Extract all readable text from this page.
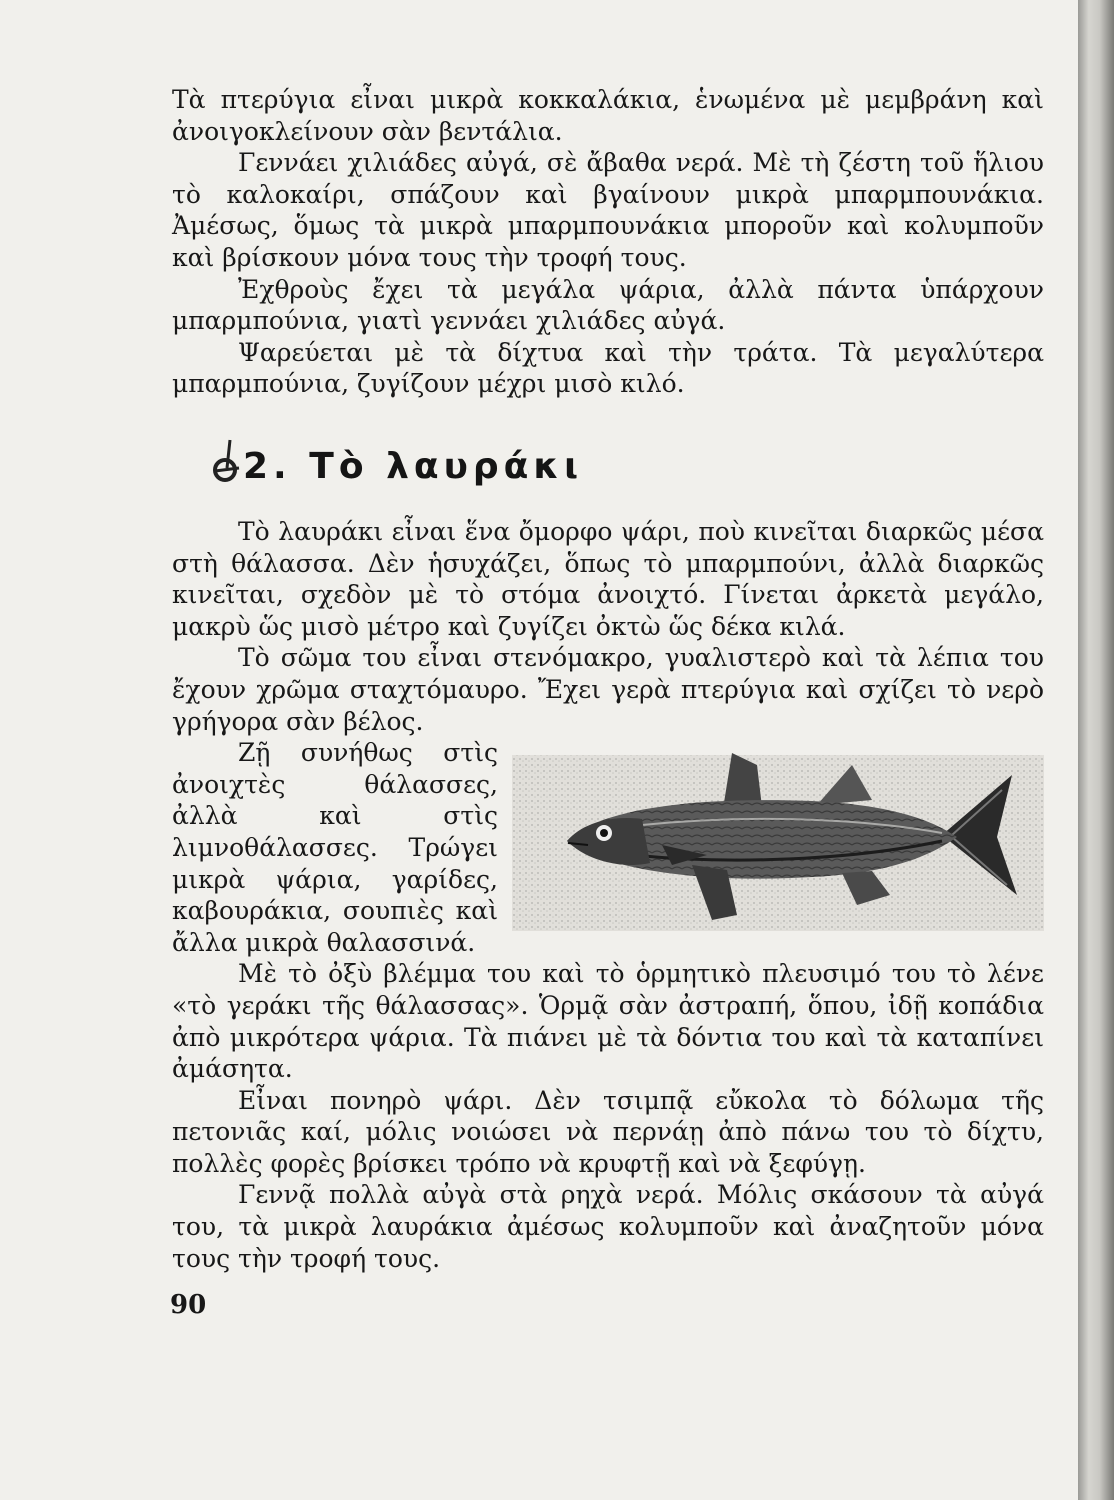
Τὰ πτερύγια εἶναι μικρὰ κοκκαλάκια, ἑνωμένα μὲ μεμβράνη καὶ ἀνοιγοκλείνουν σὰν βεντάλια.

Γεννάει χιλιάδες αὐγά, σὲ ἄβαθα νερά. Μὲ τὴ ζέστη τοῦ ἥλιου τὸ καλοκαίρι, σπάζουν καὶ βγαίνουν μικρὰ μπαρμπουνάκια. Ἀμέσως, ὅμως τὰ μικρὰ μπαρμπουνάκια μποροῦν καὶ κολυμποῦν καὶ βρίσκουν μόνα τους τὴν τροφή τους.

Ἐχθροὺς ἔχει τὰ μεγάλα ψάρια, ἀλλὰ πάντα ὑπάρχουν μπαρμπούνια, γιατὶ γεννάει χιλιάδες αὐγά.

Ψαρεύεται μὲ τὰ δίχτυα καὶ τὴν τράτα. Τὰ μεγαλύτερα μπαρμπούνια, ζυγίζουν μέχρι μισὸ κιλό.

2. Τὸ λαυράκι

Τὸ λαυράκι εἶναι ἕνα ὄμορφο ψάρι, ποὺ κινεῖται διαρκῶς μέσα στὴ θάλασσα. Δὲν ἡσυχάζει, ὅπως τὸ μπαρμπούνι, ἀλλὰ διαρκῶς κινεῖται, σχεδὸν μὲ τὸ στόμα ἀνοιχτό. Γίνεται ἀρκετὰ μεγάλο, μακρὺ ὥς μισὸ μέτρο καὶ ζυγίζει ὀκτὼ ὥς δέκα κιλά.

Τὸ σῶμα του εἶναι στενόμακρο, γυαλιστερὸ καὶ τὰ λέπια του ἔχουν χρῶμα σταχτόμαυρο. Ἔχει γερὰ πτερύγια καὶ σχίζει τὸ νερὸ γρήγορα σὰν βέλος.

Ζῇ συνήθως στὶς ἀνοιχτὲς θάλασσες, ἀλλὰ καὶ στὶς λιμνοθάλασσες. Τρώγει μικρὰ ψάρια, γαρίδες, καβουράκια, σουπιὲς καὶ ἄλλα μικρὰ θαλασσινά.

Μὲ τὸ ὀξὺ βλέμμα του καὶ τὸ ὁρμητικὸ πλευσιμό του τὸ λένε «τὸ γεράκι τῆς θάλασσας». Ὁρμᾷ σὰν ἀστραπή, ὅπου, ἰδῇ κοπάδια ἀπὸ μικρότερα ψάρια. Τὰ πιάνει μὲ τὰ δόντια του καὶ τὰ καταπίνει ἀμάσητα.

Εἶναι πονηρὸ ψάρι. Δὲν τσιμπᾷ εὔκολα τὸ δόλωμα τῆς πετονιᾶς καί, μόλις νοιώσει νὰ περνάῃ ἀπὸ πάνω του τὸ δίχτυ, πολλὲς φορὲς βρίσκει τρόπο νὰ κρυφτῇ καὶ νὰ ξεφύγῃ.

Γεννᾷ πολλὰ αὐγὰ στὰ ρηχὰ νερά. Μόλις σκάσουν τὰ αὐγά του, τὰ μικρὰ λαυράκια ἀμέσως κολυμποῦν καὶ ἀναζητοῦν μόνα τους τὴν τροφή τους.

90
